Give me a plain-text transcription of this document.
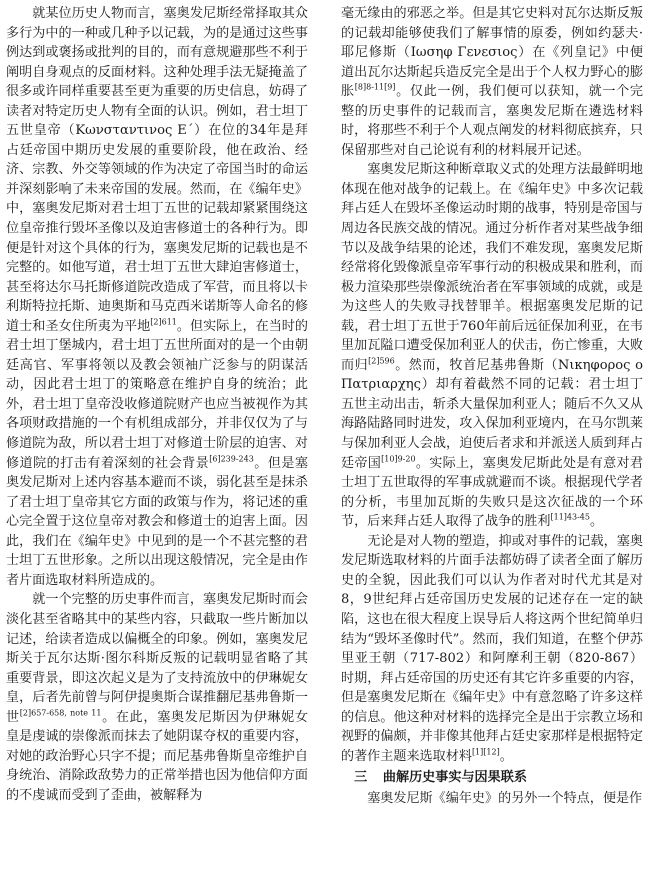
就某位历史人物而言，塞奥发尼斯经常择取其众多行为中的一种或几种予以记载，为的是通过这些事例达到或褒扬或批判的目的，而有意规避那些不利于阐明自身观点的反面材料。这种处理手法无疑掩盖了很多或许同样重要甚至更为重要的历史信息，妨碍了读者对特定历史人物有全面的认识。例如，君士坦丁五世皇帝（Κωνσταντινος Ε΄）在位的34年是拜占廷帝国中期历史发展的重要阶段，他在政治、经济、宗教、外交等领域的作为决定了帝国当时的命运并深刻影响了未来帝国的发展。然而，在《编年史》中，塞奥发尼斯对君士坦丁五世的记载却紧紧围绕这位皇帝推行毁坏圣像以及迫害修道士的各种行为。即便是针对这个具体的行为，塞奥发尼斯的记载也是不完整的。如他写道，君士坦丁五世大肆迫害修道士，甚至将达尔马托斯修道院改造成了军营，而且将以卡利斯特拉托斯、迪奥斯和马克西米诺斯等人命名的修道士和圣女住所夷为平地$^{[2]611}$。但实际上，在当时的君士坦丁堡城内，君士坦丁五世所面对的是一个由朝廷高官、军事将领以及教会领袖广泛参与的阴谋活动，因此君士坦丁的策略意在维护自身的统治；此外，君士坦丁皇帝没收修道院财产也应当被视作为其各项财政措施的一个有机组成部分，并非仅仅为了与修道院为敌，所以君士坦丁对修道士阶层的迫害、对修道院的打击有着深刻的社会背景$^{[6]239-243}$。但是塞奥发尼斯对上述内容基本避而不谈，弱化甚至是抹杀了君士坦丁皇帝其它方面的政策与作为，将记述的重心完全置于这位皇帝对教会和修道士的迫害上面。因此，我们在《编年史》中见到的是一个不甚完整的君士坦丁五世形象。之所以出现这般情况，完全是由作者片面选取材料所造成的。

就一个完整的历史事件而言，塞奥发尼斯时而会淡化甚至省略其中的某些内容，只截取一些片断加以记述，给读者造成以偏概全的印象。例如，塞奥发尼斯关于瓦尔达斯·图尔科斯反叛的记载明显省略了其重要背景，即这次起义是为了支持流放中的伊琳妮女皇，后者先前曾与阿伊提奥斯合谋推翻尼基弗鲁斯一世$^{[2]657-658, note 11}$。在此，塞奥发尼斯因为伊琳妮女皇是虔诚的崇像派而抹去了她阴谋夺权的重要内容，对她的政治野心只字不提；而尼基弗鲁斯皇帝维护自身统治、消除政敌势力的正常举措也因为他信仰方面的不虔诚而受到了歪曲，被解释为

毫无缘由的邪恶之举。但是其它史料对瓦尔达斯反叛的记载却能够使我们了解事情的原委，例如约瑟夫·耶尼修斯（Ιωσηφ Γενεσιος）在《列皇记》中便道出瓦尔达斯起兵造反完全是出于个人权力野心的膨胀[8]8-11[9]。仅此一例，我们便可以获知，就一个完整的历史事件的记载而言，塞奥发尼斯在遴选材料时，将那些不利于个人观点阐发的材料彻底摈弃，只保留那些对自己论说有利的材料展开记述。

塞奥发尼斯这种断章取义式的处理方法最鲜明地体现在他对战争的记载上。在《编年史》中多次记载拜占廷人在毁坏圣像运动时期的战事，特别是帝国与周边各民族交战的情况。通过分析作者对某些战争细节以及战争结果的论述，我们不难发现，塞奥发尼斯经常将化毁像派皇帝军事行动的积极成果和胜利，而极力渲染那些崇像派统治者在军事领域的成就，或是为这些人的失败寻找替罪羊。根据塞奥发尼斯的记载，君士坦丁五世于760年前后远征保加利亚，在韦里加瓦隘口遭受保加利亚人的伏击，伤亡惨重，大败而归$^{[2]596}$。然而，牧首尼基弗鲁斯（Νικηφορος ο Πατριαρχης）却有着截然不同的记载：君士坦丁五世主动出击，斩杀大量保加利亚人；随后不久又从海路陆路同时进发，攻入保加利亚境内，在马尔凯莱与保加利亚人会战，迫使后者求和并派送人质到拜占廷帝国$^{[10]9-20}$。实际上，塞奥发尼斯此处是有意对君士坦丁五世取得的军事成就避而不谈。根据现代学者的分析，韦里加瓦斯的失败只是这次征战的一个环节，后来拜占廷人取得了战争的胜利$^{[11]43-45}$。

无论是对人物的塑造，抑或对事件的记载，塞奥发尼斯选取材料的片面手法都妨碍了读者全面了解历史的全貌，因此我们可以认为作者对时代尤其是对8，9世纪拜占廷帝国历史发展的记述存在一定的缺陷，这也在很大程度上误导后人将这两个世纪简单归结为“毁坏圣像时代”。然而，我们知道，在整个伊苏里亚王朝（717-802）和阿摩利王朝（820-867）时期，拜占廷帝国的历史还有其它许多重要的内容，但是塞奥发尼斯在《编年史》中有意忽略了许多这样的信息。他这种对材料的选择完全是出于宗教立场和视野的偏颇，并非像其他拜占廷史家那样是根据特定的著作主题来选取材料[1][12]。

三 曲解历史事实与因果联系

塞奥发尼斯《编年史》的另外一个特点，便是作
